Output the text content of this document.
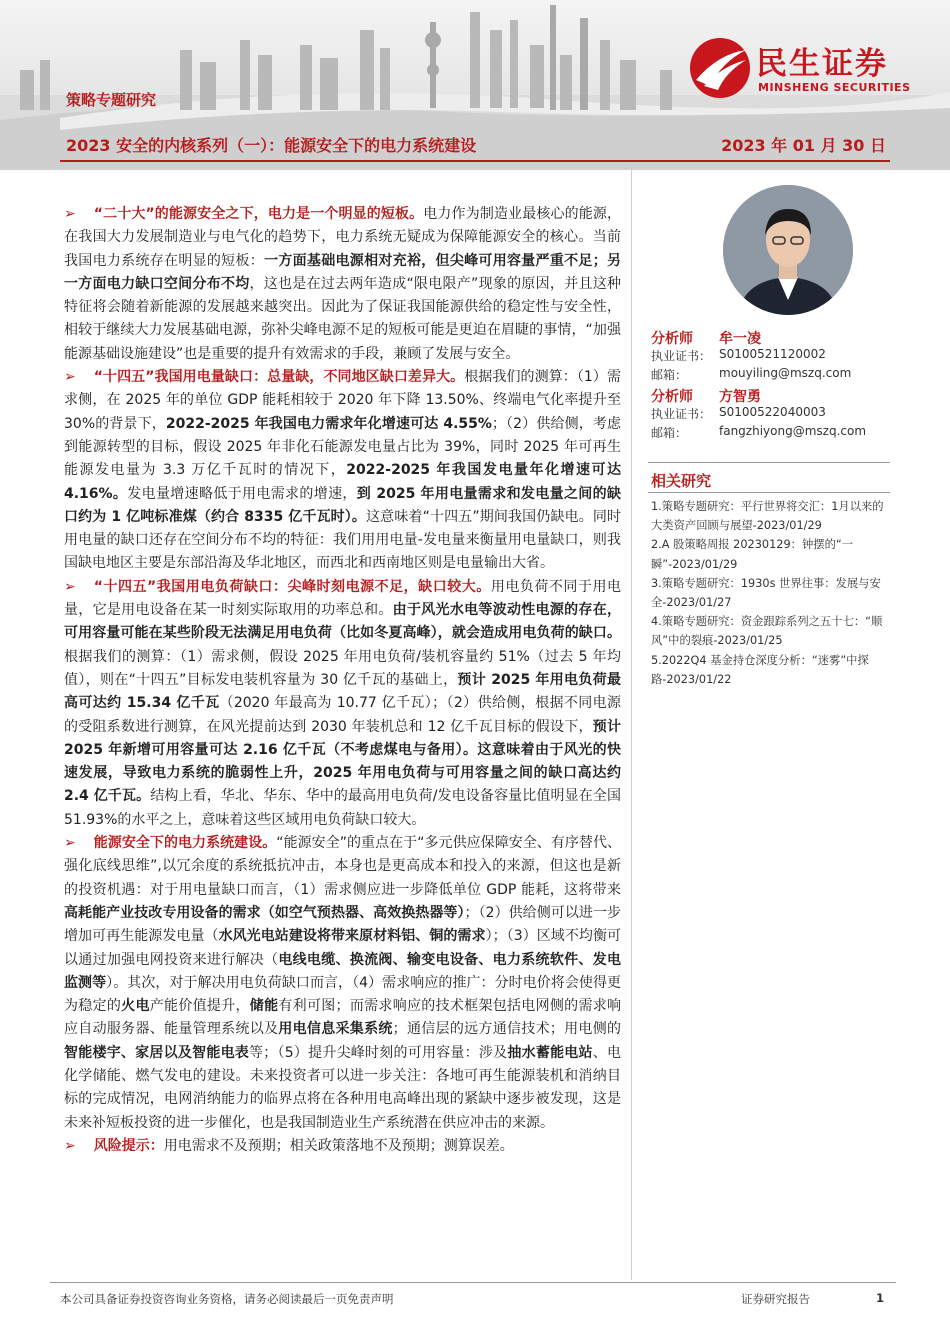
民生证券
MINSHENG SECURITIES
策略专题研究
2023 安全的内核系列（一）：能源安全下的电力系统建设	2023 年 01 月 30 日

➢ “二十大”的能源安全之下，电力是一个明显的短板。电力作为制造业最核心的能源，在我国大力发展制造业与电气化的趋势下，电力系统无疑成为保障能源安全的核心。当前我国电力系统存在明显的短板：一方面基础电源相对充裕，但尖峰可用容量严重不足；另一方面电力缺口空间分布不均，这也是在过去两年造成“限电限产”现象的原因，并且这种特征将会随着新能源的发展越来越突出。因此为了保证我国能源供给的稳定性与安全性，相较于继续大力发展基础电源，弥补尖峰电源不足的短板可能是更迫在眉睫的事情，“加强能源基础设施建设”也是重要的提升有效需求的手段，兼顾了发展与安全。

➢ “十四五”我国用电量缺口：总量缺，不同地区缺口差异大。根据我们的测算：（1）需求侧，在 2025 年的单位 GDP 能耗相较于 2020 年下降 13.50%、终端电气化率提升至 30%的背景下，2022-2025 年我国电力需求年化增速可达 4.55%；（2）供给侧，考虑到能源转型的目标，假设 2025 年非化石能源发电量占比为 39%，同时 2025 年可再生能源发电量为 3.3 万亿千瓦时的情况下，2022-2025 年我国发电量年化增速可达 4.16%。发电量增速略低于用电需求的增速，到 2025 年用电量需求和发电量之间的缺口约为 1 亿吨标准煤（约合 8335 亿千瓦时）。这意味着“十四五”期间我国仍缺电。同时用电量的缺口还存在空间分布不均的特征：我们用用电量-发电量来衡量用电量缺口，则我国缺电地区主要是东部沿海及华北地区，而西北和西南地区则是电量输出大省。

➢ “十四五”我国用电负荷缺口：尖峰时刻电源不足，缺口较大。用电负荷不同于用电量，它是用电设备在某一时刻实际取用的功率总和。由于风光水电等波动性电源的存在，可用容量可能在某些阶段无法满足用电负荷（比如冬夏高峰），就会造成用电负荷的缺口。根据我们的测算：（1）需求侧，假设 2025 年用电负荷/装机容量约 51%（过去 5 年均值），则在“十四五”目标发电装机容量为 30 亿千瓦的基础上，预计 2025 年用电负荷最高可达约 15.34 亿千瓦（2020 年最高为 10.77 亿千瓦）；（2）供给侧，根据不同电源的受阻系数进行测算，在风光提前达到 2030 年装机总和 12 亿千瓦目标的假设下，预计 2025 年新增可用容量可达 2.16 亿千瓦（不考虑煤电与备用）。这意味着由于风光的快速发展，导致电力系统的脆弱性上升，2025 年用电负荷与可用容量之间的缺口高达约 2.4 亿千瓦。结构上看，华北、华东、华中的最高用电负荷/发电设备容量比值明显在全国 51.93%的水平之上，意味着这些区域用电负荷缺口较大。

➢ 能源安全下的电力系统建设。“能源安全”的重点在于“多元供应保障安全、有序替代、强化底线思维”,以冗余度的系统抵抗冲击，本身也是更高成本和投入的来源，但这也是新的投资机遇：对于用电量缺口而言，（1）需求侧应进一步降低单位 GDP 能耗，这将带来高耗能产业技改专用设备的需求（如空气预热器、高效换热器等）；（2）供给侧可以进一步增加可再生能源发电量（水风光电站建设将带来原材料铝、铜的需求）；（3）区域不均衡可以通过加强电网投资来进行解决（电线电缆、换流阀、输变电设备、电力系统软件、发电监测等）。其次，对于解决用电负荷缺口而言，（4）需求响应的推广：分时电价将会使得更为稳定的火电产能价值提升，储能有利可图；而需求响应的技术框架包括电网侧的需求响应自动服务器、能量管理系统以及用电信息采集系统；通信层的远方通信技术；用电侧的智能楼宇、家居以及智能电表等；（5）提升尖峰时刻的可用容量：涉及抽水蓄能电站、电化学储能、燃气发电的建设。未来投资者可以进一步关注：各地可再生能源装机和消纳目标的完成情况，电网消纳能力的临界点将在各种用电高峰出现的紧缺中逐步被发现，这是未来补短板投资的进一步催化，也是我国制造业生产系统潜在供应冲击的来源。

➢ 风险提示：用电需求不及预期；相关政策落地不及预期；测算误差。

分析师 牟一凌
执业证书： S0100521120002
邮箱：	mouyiling@mszq.com
分析师 方智勇
执业证书： S0100522040003
邮箱：	fangzhiyong@mszq.com
相关研究
1.策略专题研究：平行世界将交汇：1月以来的大类资产回顾与展望-2023/01/29
2.A 股策略周报 20230129：钟摆的“一瞬”-2023/01/29
3.策略专题研究：1930s 世界往事：发展与安全-2023/01/27
4.策略专题研究：资金跟踪系列之五十七：“顺风”中的裂痕-2023/01/25
5.2022Q4 基金持仓深度分析：“迷雾”中探路-2023/01/22
本公司具备证券投资咨询业务资格，请务必阅读最后一页免责声明	证券研究报告	1
